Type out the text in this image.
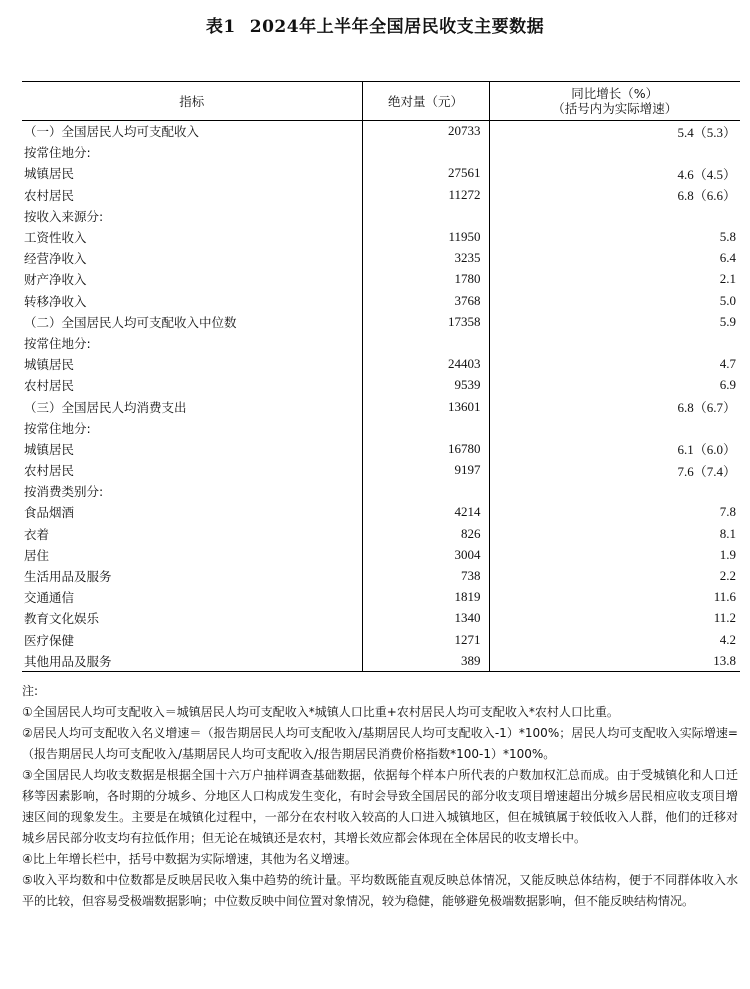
表1 2024年上半年全国居民收支主要数据
指标	绝对量（元）	同比增长（%）
（括号内为实际增速）

（一）全国居民人均可支配收入	20733	5.4（5.3）
按常住地分:		
城镇居民	27561	4.6（4.5）
农村居民	11272	6.8（6.6）
按收入来源分:		
工资性收入	11950	5.8
经营净收入	3235	6.4
财产净收入	1780	2.1
转移净收入	3768	5.0
（二）全国居民人均可支配收入中位数	17358	5.9
按常住地分:		
城镇居民	24403	4.7
农村居民	9539	6.9
（三）全国居民人均消费支出	13601	6.8（6.7）
按常住地分:		
城镇居民	16780	6.1（6.0）
农村居民	9197	7.6（7.4）
按消费类别分:		
食品烟酒	4214	7.8
衣着	826	8.1
居住	3004	1.9
生活用品及服务	738	2.2
交通通信	1819	11.6
教育文化娱乐	1340	11.2
医疗保健	1271	4.2
其他用品及服务	389	13.8
注:

①全国居民人均可支配收入＝城镇居民人均可支配收入*城镇人口比重+农村居民人均可支配收入*农村人口比重。

②居民人均可支配收入名义增速＝（报告期居民人均可支配收入/基期居民人均可支配收入-1）*100%；居民人均可支配收入实际增速=（报告期居民人均可支配收入/基期居民人均可支配收入/报告期居民消费价格指数*100-1）*100%。

③全国居民人均收支数据是根据全国十六万户抽样调查基础数据，依据每个样本户所代表的户数加权汇总而成。由于受城镇化和人口迁移等因素影响，各时期的分城乡、分地区人口构成发生变化，有时会导致全国居民的部分收支项目增速超出分城乡居民相应收支项目增速区间的现象发生。主要是在城镇化过程中，一部分在农村收入较高的人口进入城镇地区，但在城镇属于较低收入人群，他们的迁移对城乡居民部分收支均有拉低作用；但无论在城镇还是农村，其增长效应都会体现在全体居民的收支增长中。

④比上年增长栏中，括号中数据为实际增速，其他为名义增速。

⑤收入平均数和中位数都是反映居民收入集中趋势的统计量。平均数既能直观反映总体情况，又能反映总体结构，便于不同群体收入水平的比较，但容易受极端数据影响；中位数反映中间位置对象情况，较为稳健，能够避免极端数据影响，但不能反映结构情况。
